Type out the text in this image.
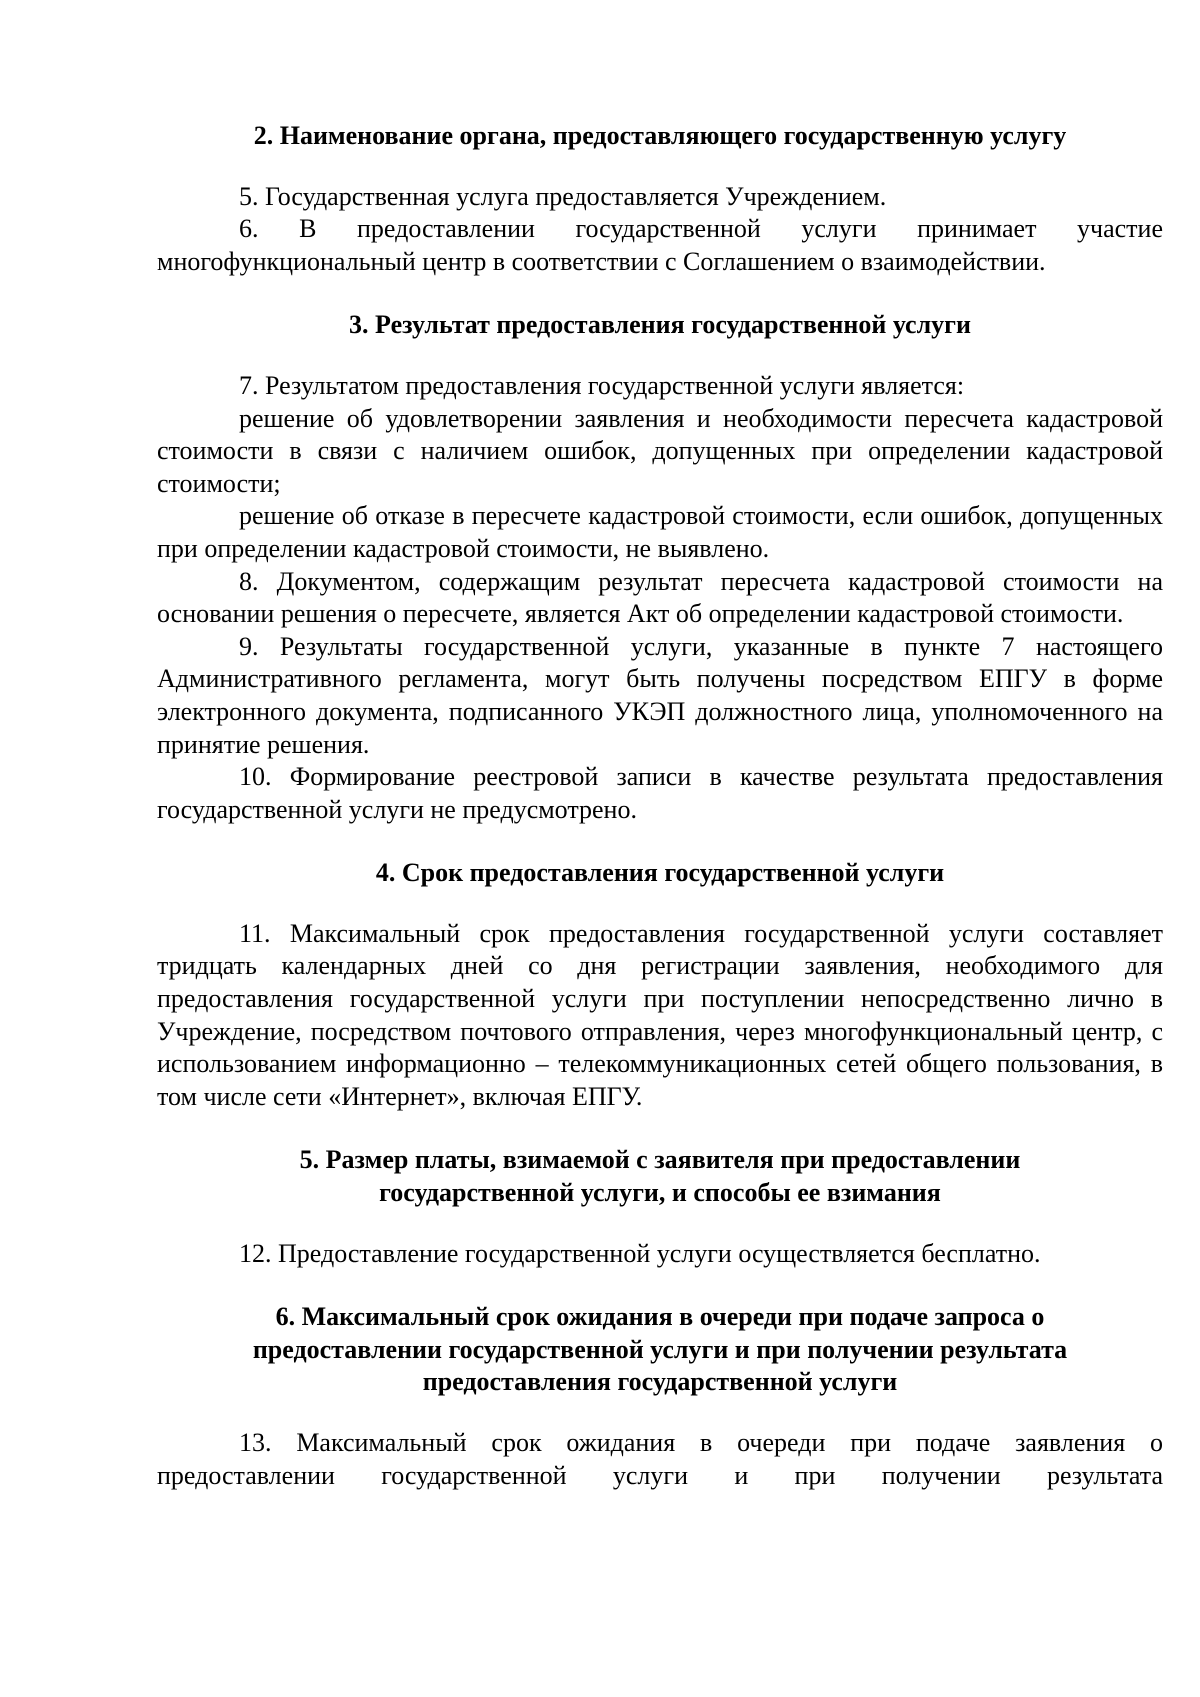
2. Наименование органа, предоставляющего государственную услугу

5. Государственная услуга предоставляется Учреждением.

6. В предоставлении государственной услуги принимает участие многофункциональный центр в соответствии с Соглашением о взаимодействии.

3. Результат предоставления государственной услуги

7. Результатом предоставления государственной услуги является:

решение об удовлетворении заявления и необходимости пересчета кадастровой стоимости в связи с наличием ошибок, допущенных при определении кадастровой стоимости;

решение об отказе в пересчете кадастровой стоимости, если ошибок, допущенных при определении кадастровой стоимости, не выявлено.

8. Документом, содержащим результат пересчета кадастровой стоимости на основании решения о пересчете, является Акт об определении кадастровой стоимости.

9. Результаты государственной услуги, указанные в пункте 7 настоящего Административного регламента, могут быть получены посредством ЕПГУ в форме электронного документа, подписанного УКЭП должностного лица, уполномоченного на принятие решения.

10. Формирование реестровой записи в качестве результата предоставления государственной услуги не предусмотрено.

4. Срок предоставления государственной услуги

11. Максимальный срок предоставления государственной услуги составляет тридцать календарных дней со дня регистрации заявления, необходимого для предоставления государственной услуги при поступлении непосредственно лично в Учреждение, посредством почтового отправления, через многофункциональный центр, с использованием информационно – телекоммуникационных сетей общего пользования, в том числе сети «Интернет», включая ЕПГУ.

5. Размер платы, взимаемой с заявителя при предоставлении
государственной услуги, и способы ее взимания

12. Предоставление государственной услуги осуществляется бесплатно.

6. Максимальный срок ожидания в очереди при подаче запроса о
предоставлении государственной услуги и при получении результата
предоставления государственной услуги

13. Максимальный срок ожидания в очереди при подаче заявления о предоставлении государственной услуги и при получении результата
